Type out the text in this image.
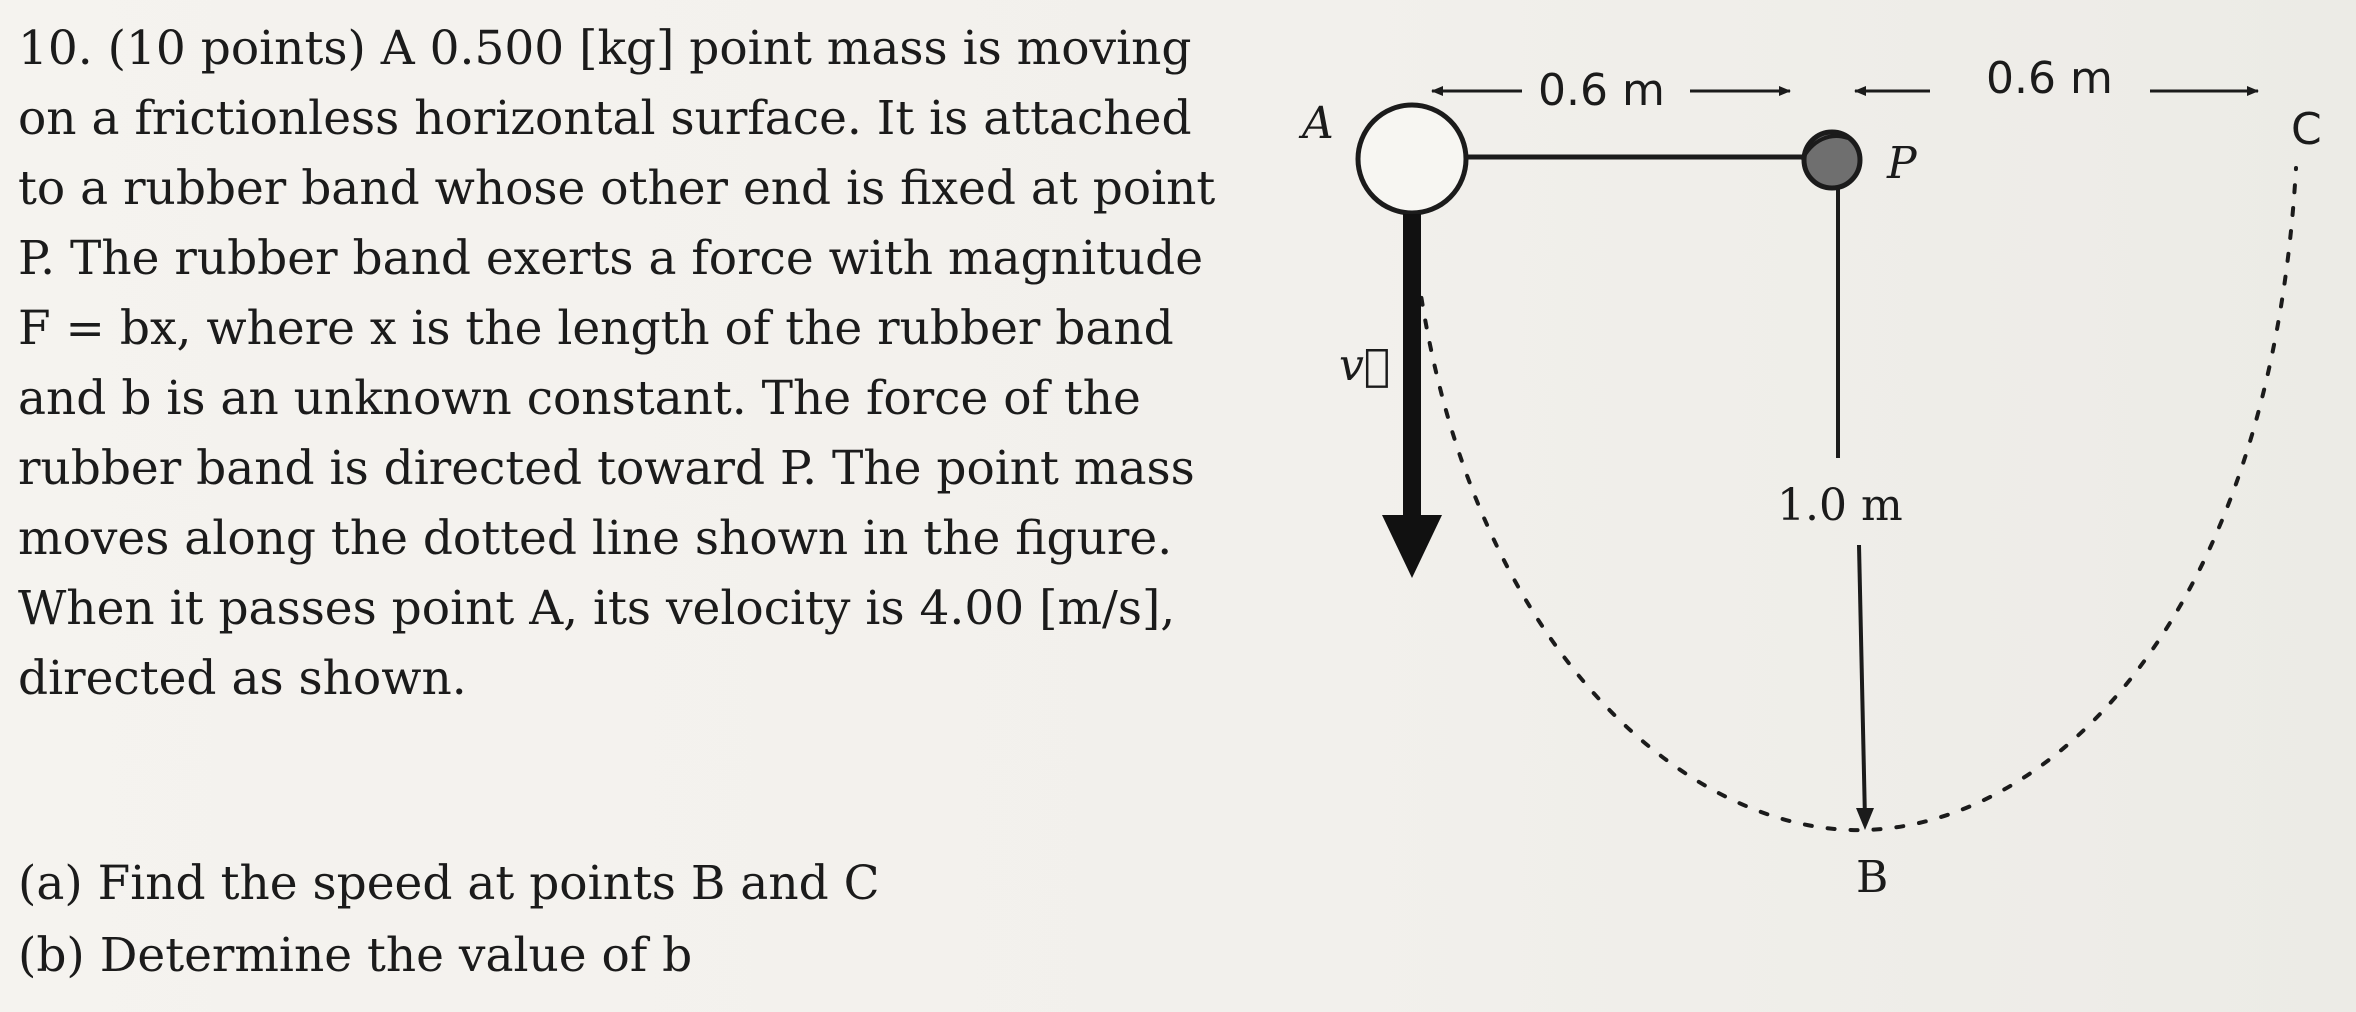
10. (10 points) A 0.500 [kg] point mass is moving
on a frictionless horizontal surface. It is attached
to a rubber band whose other end is fixed at point
P. The rubber band exerts a force with magnitude
F = bx, where x is the length of the rubber band
and b is an unknown constant. The force of the
rubber band is directed toward P. The point mass
moves along the dotted line shown in the figure.
When it passes point A, its velocity is 4.00 [m/s],
directed as shown.
(a) Find the speed at points B and C
(b) Determine the value of b
A
P
B
C
v⃗
0.6 m	0.6 m
1.0 m
